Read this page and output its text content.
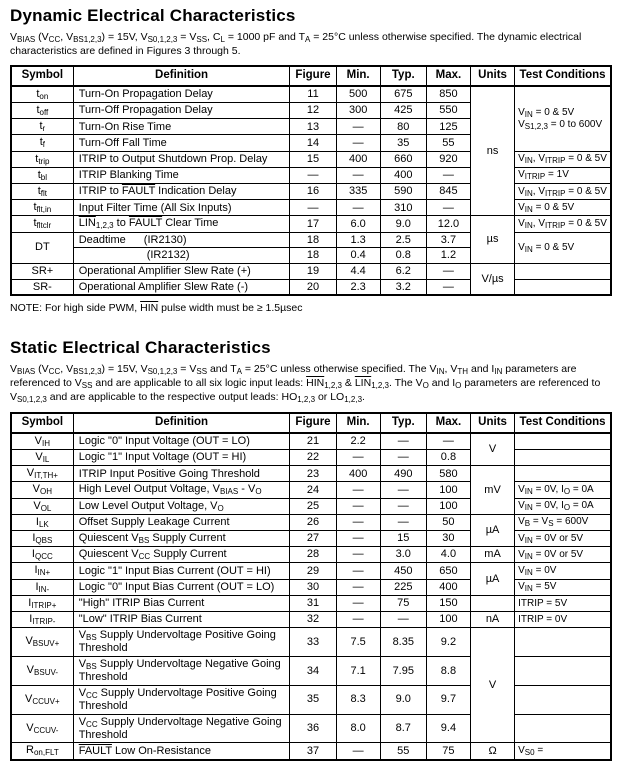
Dynamic Electrical Characteristics

VBIAS (VCC, VBS1,2,3) = 15V, VS0,1,2,3 = VSS, CL = 1000 pF and TA = 25°C unless otherwise specified. The dynamic electrical characteristics are defined in Figures 3 through 5.

Symbol	Definition	Figure	Min.	Typ.	Max.	Units	Test Conditions
ton	Turn-On Propagation Delay	11	500	675	850	ns	$V_{IN} = 0$ & 5V
$V_{S1,2,3} = 0$ to 600V
toff	Turn-Off Propagation Delay	12	300	425	550		
tr	Turn-On Rise Time	13	—	80	125		
tf	Turn-Off Fall Time	14	—	35	55		
ttrip	ITRIP to Output Shutdown Prop. Delay	15	400	660	920		$V_{IN}$, $V_{ITRIP} = 0$ & 5V
tbl	ITRIP Blanking Time	—	—	400	—		$V_{ITRIP} = 1V$
tflt	ITRIP to FAULT Indication Delay	16	335	590	845		$V_{IN}$, $V_{ITRIP} = 0$ & 5V
tflt,in	Input Filter Time (All Six Inputs)	—	—	310	—		$V_{IN} = 0$ & 5V
tfltclr	$\overline{LIN}1,2,3$ to FAULT Clear Time	17	6.0	9.0	12.0	µs	$V_{IN}$, $V_{ITRIP} = 0$ & 5V
DT	Deadtime (IR2130)	18	1.3	2.5	3.7		$V_{IN} = 0$ & 5V
	(IR2132)	18	0.4	0.8	1.2		
SR+	Operational Amplifier Slew Rate (+)	19	4.4	6.2	—	V/µs	
SR-	Operational Amplifier Slew Rate (-)	20	2.3	3.2	—		

NOTE: For high side PWM, $\overline{HIN}$ pulse width must be ≥ 1.5µsec

Static Electrical Characteristics

VBIAS (VCC, VBS1,2,3) = 15V, VS0,1,2,3 = VSS and TA = 25°C unless otherwise specified. The VIN, VTH and IIN parameters are referenced to VSS and are applicable to all six logic input leads: $\overline{HIN}1,2,3$ & $\overline{LIN}1,2,3$. The VO and IO parameters are referenced to VS0,1,2,3 and are applicable to the respective output leads: HO1,2,3 or LO1,2,3.

Symbol	Definition	Figure	Min.	Typ.	Max.	Units	Test Conditions
VIH	Logic "0" Input Voltage (OUT = LO)	21	2.2	—	—	V	
VIL	Logic "1" Input Voltage (OUT = HI)	22	—	—	0.8		
VIT,TH+	ITRIP Input Positive Going Threshold	23	400	490	580	mV	
VOH	High Level Output Voltage, VBIAS - VO	24	—	—	100		$V_{IN} = 0V$, $I_O = 0A$
VOL	Low Level Output Voltage, VO	25	—	—	100		$V_{IN} = 0V$, $I_O = 0A$
ILK	Offset Supply Leakage Current	26	—	—	50	µA	$V_B = V_S = 600V$
IQBS	Quiescent VBS Supply Current	27	—	15	30		$V_{IN} = 0V$ or 5V
IQCC	Quiescent VCC Supply Current	28	—	3.0	4.0	mA	$V_{IN} = 0V$ or 5V
IIN+	Logic "1" Input Bias Current (OUT = HI)	29	—	450	650	µA	$V_{IN} = 0V$
IIN-	Logic "0" Input Bias Current (OUT = LO)	30	—	225	400		$V_{IN} = 5V$
IITRIP+	"High" ITRIP Bias Current	31	—	75	150		ITRIP = 5V
IITRIP-	"Low" ITRIP Bias Current	32	—	—	100	nA	ITRIP = 0V
VBSUV+	VBS Supply Undervoltage Positive Going
Threshold	33	7.5	8.35	9.2	V	
VBSUV-	VBS Supply Undervoltage Negative Going
Threshold	34	7.1	7.95	8.8		
VCCUV+	VCC Supply Undervoltage Positive Going
Threshold	35	8.3	9.0	9.7		
VCCUV-	VCC Supply Undervoltage Negative Going
Threshold	36	8.0	8.7	9.4		
Ron,FLT	FAULT Low On-Resistance	37	—	55	75	Ω	$V_{S0}$ =
